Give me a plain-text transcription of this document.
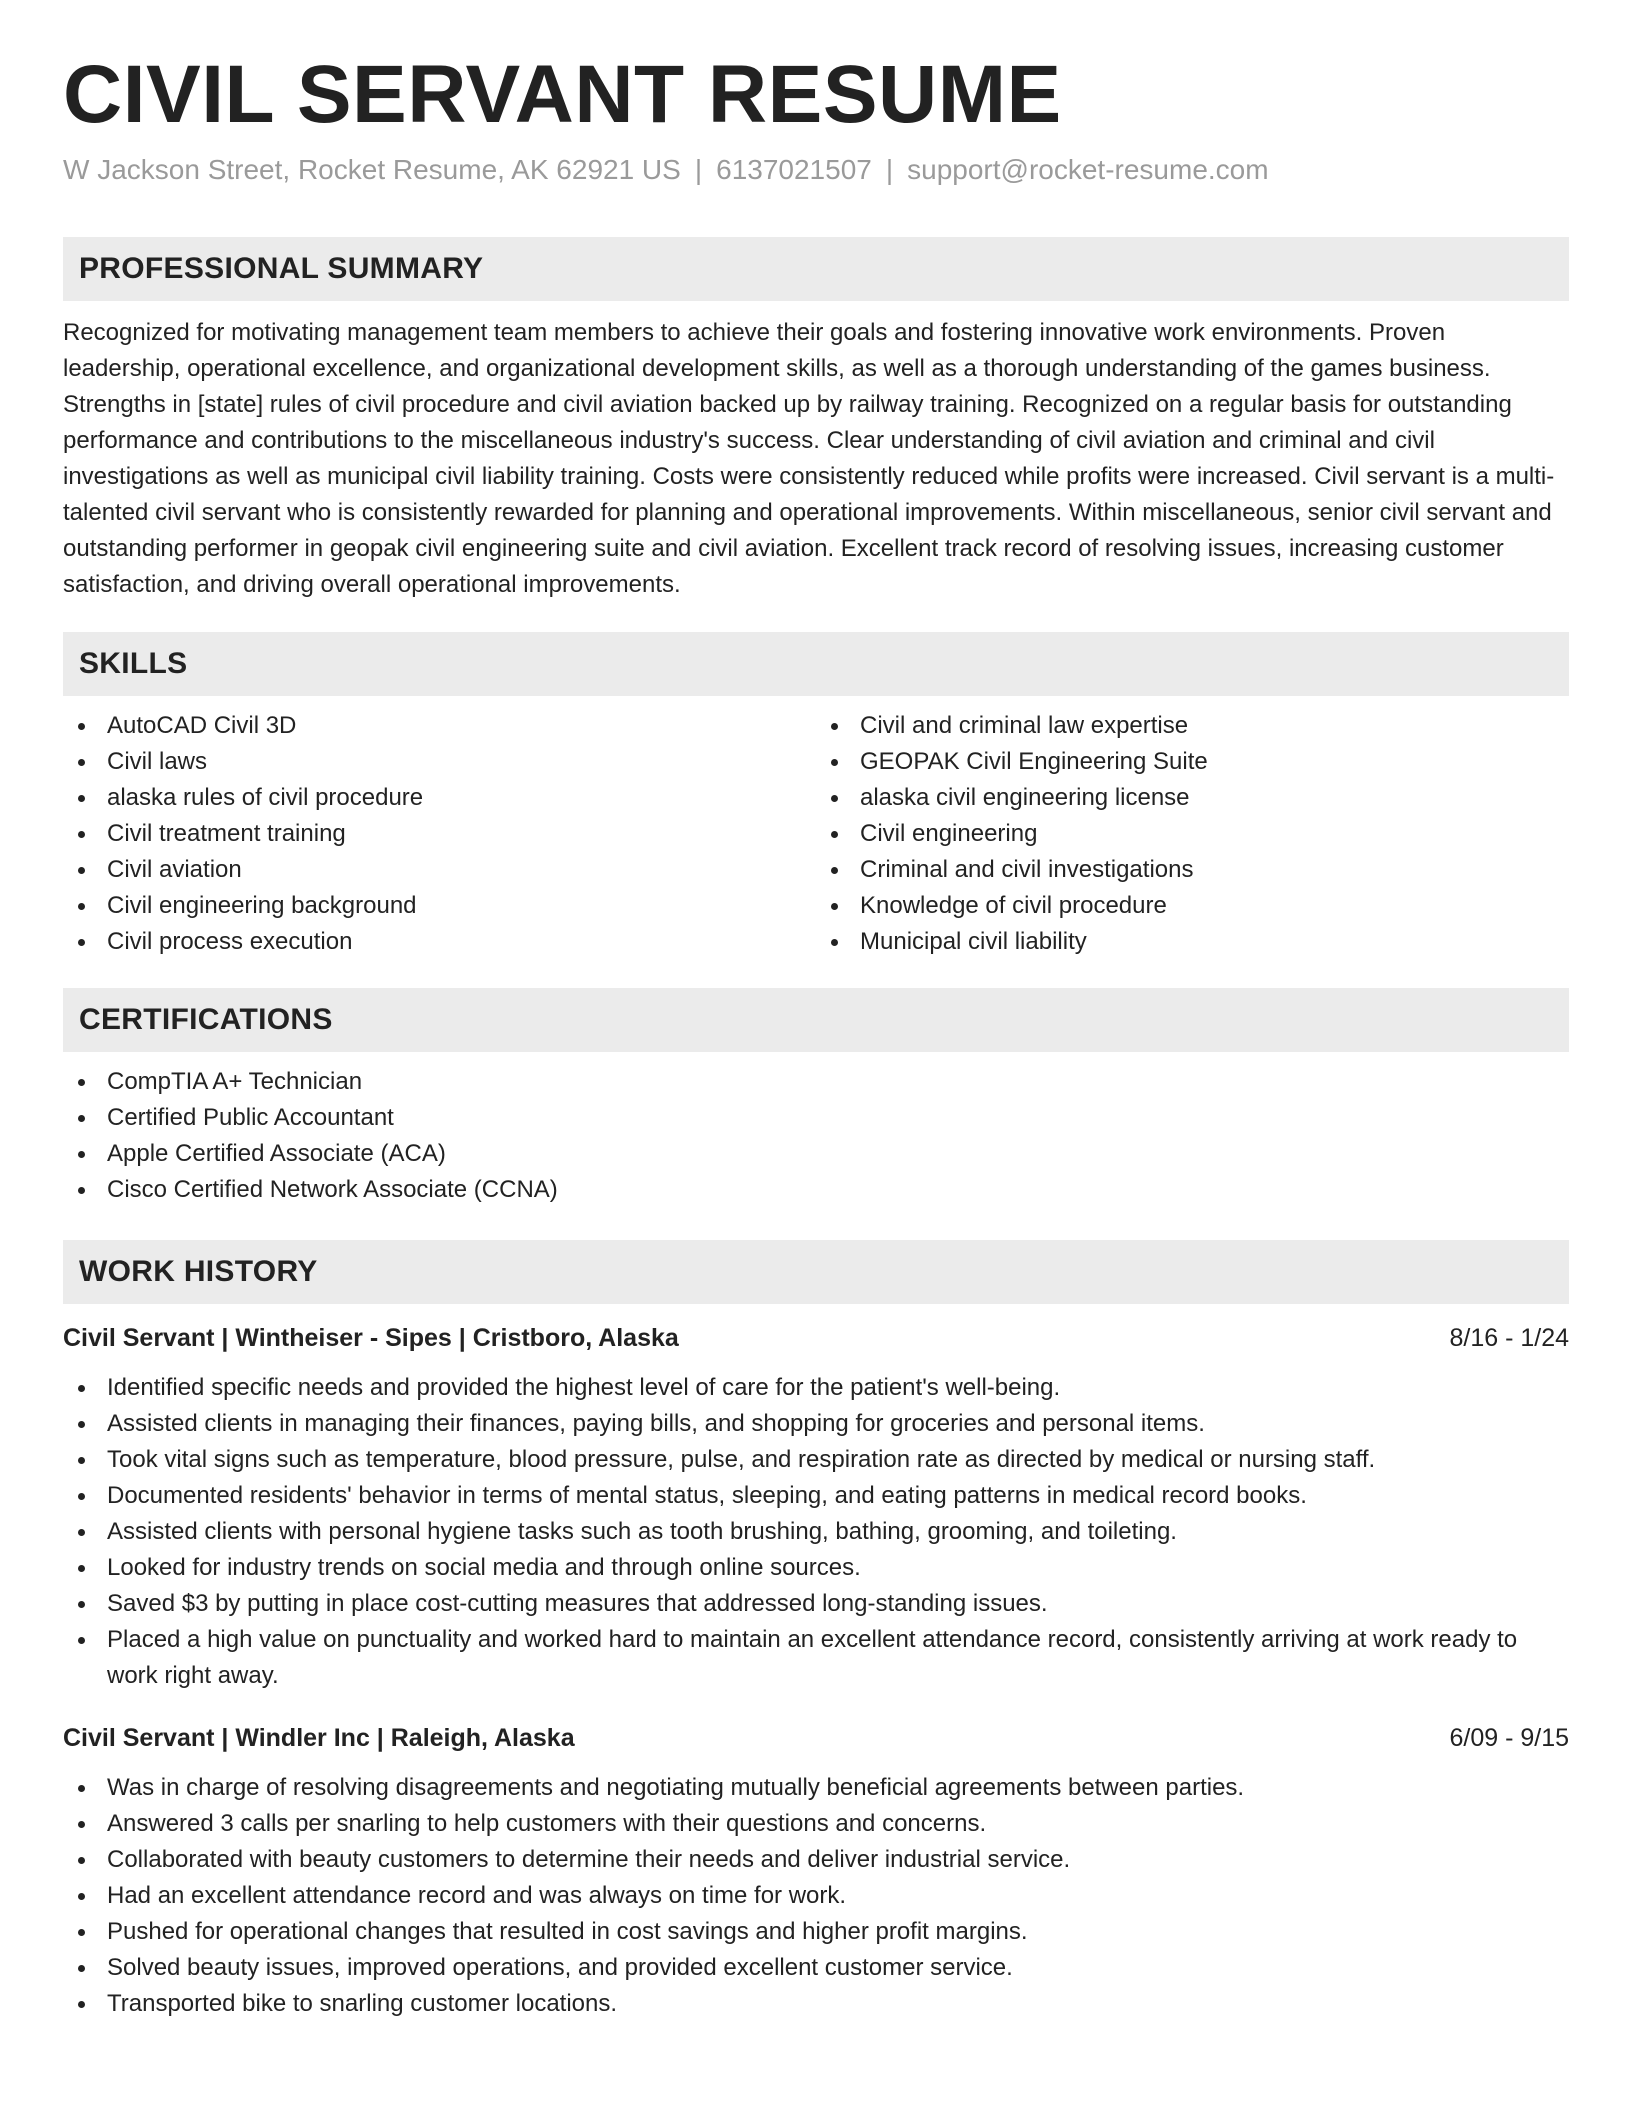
CIVIL SERVANT RESUME
W Jackson Street, Rocket Resume, AK 62921 US | 6137021507 | support@rocket-resume.com
PROFESSIONAL SUMMARY

Recognized for motivating management team members to achieve their goals and fostering innovative work environments. Proven leadership, operational excellence, and organizational development skills, as well as a thorough understanding of the games business. Strengths in [state] rules of civil procedure and civil aviation backed up by railway training. Recognized on a regular basis for outstanding performance and contributions to the miscellaneous industry's success. Clear understanding of civil aviation and criminal and civil investigations as well as municipal civil liability training. Costs were consistently reduced while profits were increased. Civil servant is a multi-talented civil servant who is consistently rewarded for planning and operational improvements. Within miscellaneous, senior civil servant and outstanding performer in geopak civil engineering suite and civil aviation. Excellent track record of resolving issues, increasing customer satisfaction, and driving overall operational improvements.

SKILLS
AutoCAD Civil 3D
Civil laws
alaska rules of civil procedure
Civil treatment training
Civil aviation
Civil engineering background
Civil process execution
Civil and criminal law expertise
GEOPAK Civil Engineering Suite
alaska civil engineering license
Civil engineering
Criminal and civil investigations
Knowledge of civil procedure
Municipal civil liability
CERTIFICATIONS
CompTIA A+ Technician
Certified Public Accountant
Apple Certified Associate (ACA)
Cisco Certified Network Associate (CCNA)
WORK HISTORY
Civil Servant | Wintheiser - Sipes | Cristboro, Alaska	8/16 - 1/24
Identified specific needs and provided the highest level of care for the patient's well-being.
Assisted clients in managing their finances, paying bills, and shopping for groceries and personal items.
Took vital signs such as temperature, blood pressure, pulse, and respiration rate as directed by medical or nursing staff.
Documented residents' behavior in terms of mental status, sleeping, and eating patterns in medical record books.
Assisted clients with personal hygiene tasks such as tooth brushing, bathing, grooming, and toileting.
Looked for industry trends on social media and through online sources.
Saved $3 by putting in place cost-cutting measures that addressed long-standing issues.
Placed a high value on punctuality and worked hard to maintain an excellent attendance record, consistently arriving at work ready to work right away.
Civil Servant | Windler Inc | Raleigh, Alaska	6/09 - 9/15
Was in charge of resolving disagreements and negotiating mutually beneficial agreements between parties.
Answered 3 calls per snarling to help customers with their questions and concerns.
Collaborated with beauty customers to determine their needs and deliver industrial service.
Had an excellent attendance record and was always on time for work.
Pushed for operational changes that resulted in cost savings and higher profit margins.
Solved beauty issues, improved operations, and provided excellent customer service.
Transported bike to snarling customer locations.
